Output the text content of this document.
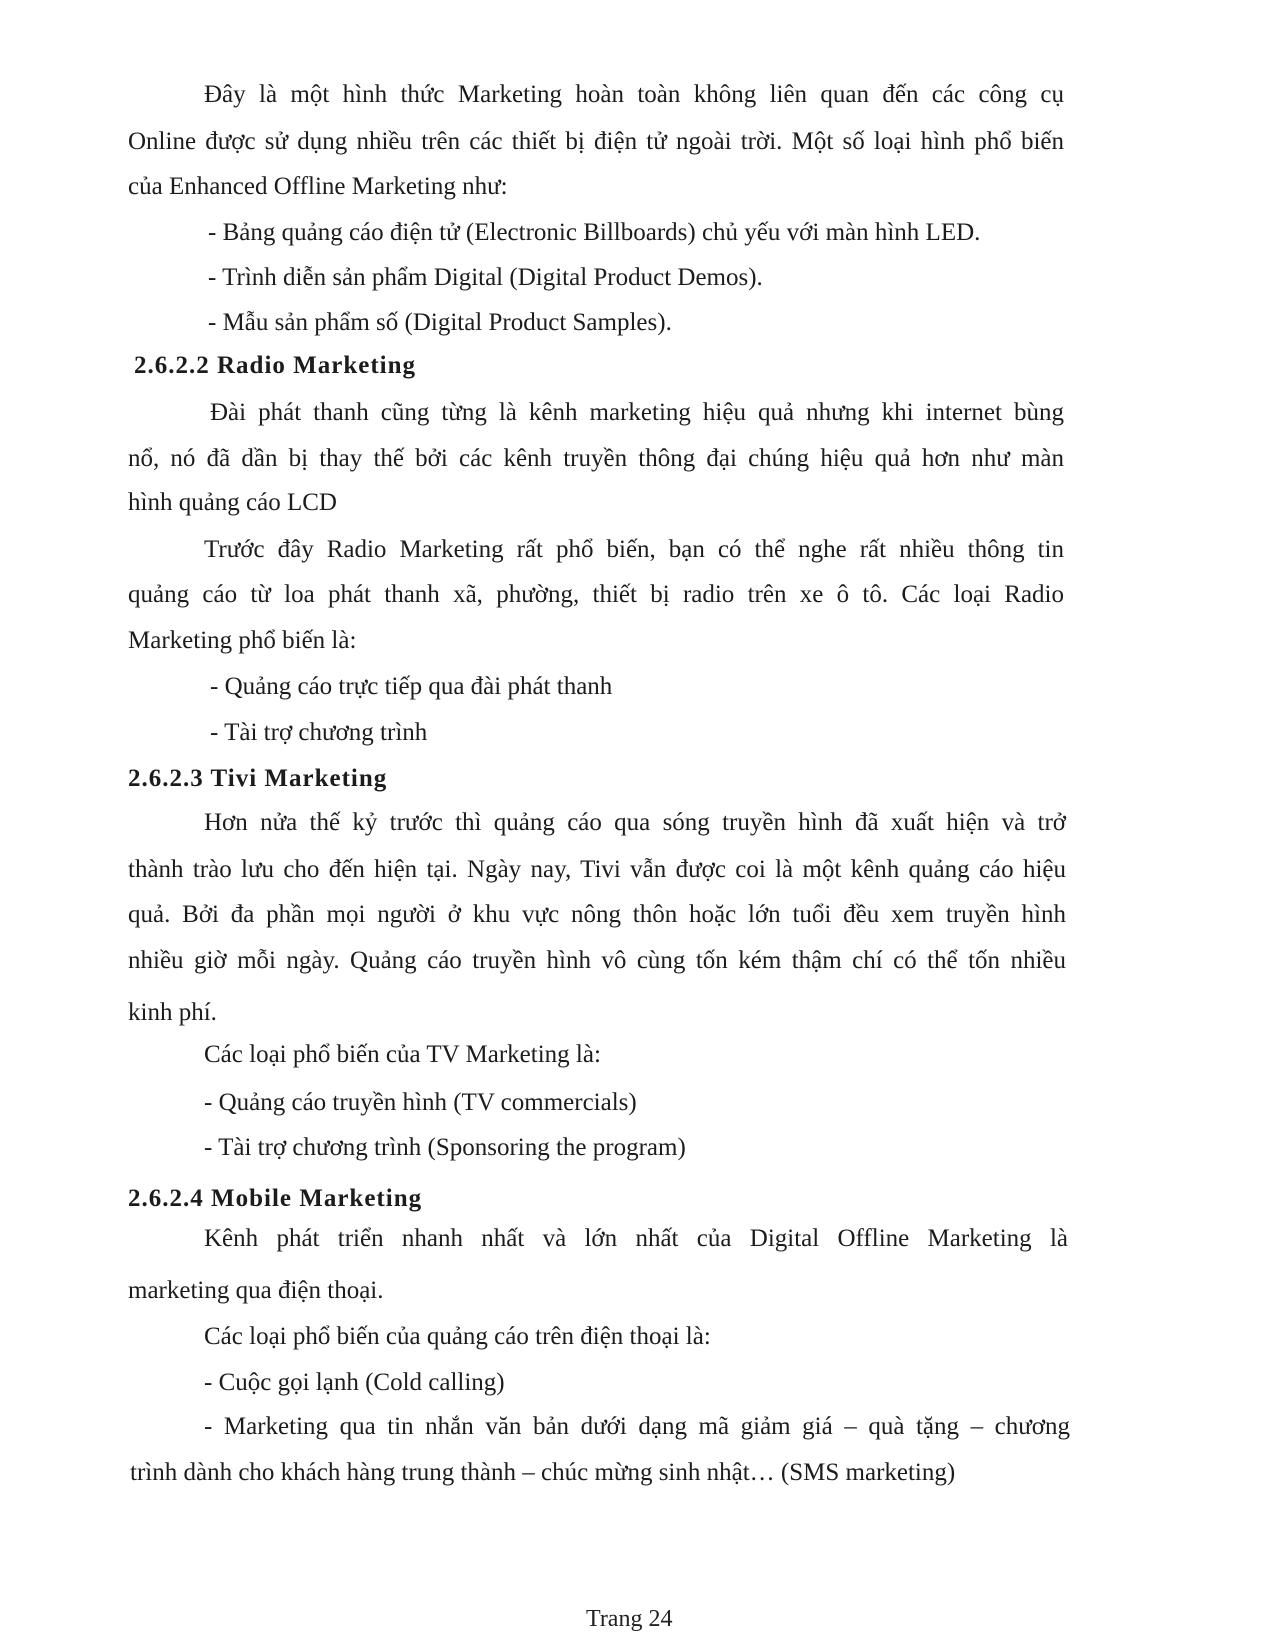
Đây là một hình thức Marketing hoàn toàn không liên quan đến các công cụ
Online được sử dụng nhiều trên các thiết bị điện tử ngoài trời. Một số loại hình phổ biến
của Enhanced Offline Marketing như:
- Bảng quảng cáo điện tử (Electronic Billboards) chủ yếu với màn hình LED.
- Trình diễn sản phẩm Digital (Digital Product Demos).
- Mẫu sản phẩm số (Digital Product Samples).
2.6.2.2 Radio Marketing
Đài phát thanh cũng từng là kênh marketing hiệu quả nhưng khi internet bùng
nổ, nó đã dần bị thay thế bởi các kênh truyền thông đại chúng hiệu quả hơn như màn
hình quảng cáo LCD
Trước đây Radio Marketing rất phổ biến, bạn có thể nghe rất nhiều thông tin
quảng cáo từ loa phát thanh xã, phường, thiết bị radio trên xe ô tô. Các loại Radio
Marketing phổ biến là:
- Quảng cáo trực tiếp qua đài phát thanh
- Tài trợ chương trình
2.6.2.3 Tivi Marketing
Hơn nửa thế kỷ trước thì quảng cáo qua sóng truyền hình đã xuất hiện và trở
thành trào lưu cho đến hiện tại. Ngày nay, Tivi vẫn được coi là một kênh quảng cáo hiệu
quả. Bởi đa phần mọi người ở khu vực nông thôn hoặc lớn tuổi đều xem truyền hình
nhiều giờ mỗi ngày. Quảng cáo truyền hình vô cùng tốn kém thậm chí có thể tốn nhiều
kinh phí.
Các loại phổ biến của TV Marketing là:
- Quảng cáo truyền hình (TV commercials)
- Tài trợ chương trình (Sponsoring the program)
2.6.2.4 Mobile Marketing
Kênh phát triển nhanh nhất và lớn nhất của Digital Offline Marketing là
marketing qua điện thoại.
Các loại phổ biến của quảng cáo trên điện thoại là:
- Cuộc gọi lạnh (Cold calling)
- Marketing qua tin nhắn văn bản dưới dạng mã giảm giá – quà tặng – chương
trình dành cho khách hàng trung thành – chúc mừng sinh nhật… (SMS marketing)
Trang 24
